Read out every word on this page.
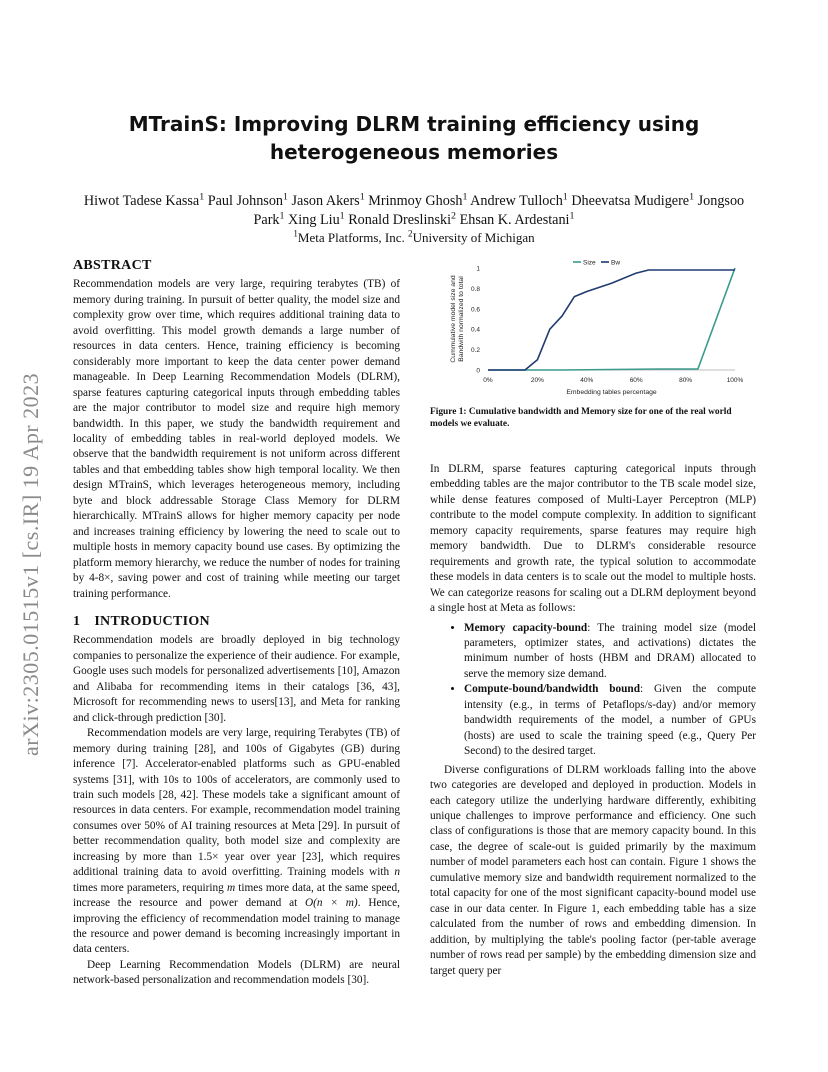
arXiv:2305.01515v1 [cs.IR] 19 Apr 2023
MTrainS: Improving DLRM training efficiency using
heterogeneous memories
Hiwot Tadese Kassa$^1$ Paul Johnson$^1$ Jason Akers$^1$ Mrinmoy Ghosh$^1$ Andrew Tulloch$^1$ Dheevatsa Mudigere$^1$ Jongsoo Park$^1$ Xing Liu$^1$ Ronald Dreslinski$^2$ Ehsan K. Ardestani$^1$
$^1$Meta Platforms, Inc. $^2$University of Michigan
ABSTRACT

Recommendation models are very large, requiring terabytes (TB) of memory during training. In pursuit of better quality, the model size and complexity grow over time, which requires additional training data to avoid overfitting. This model growth demands a large number of resources in data centers. Hence, training efficiency is becoming considerably more important to keep the data center power demand manageable. In Deep Learning Recommendation Models (DLRM), sparse features capturing categorical inputs through embedding tables are the major contributor to model size and require high memory bandwidth. In this paper, we study the bandwidth requirement and locality of embedding tables in real-world deployed models. We observe that the bandwidth requirement is not uniform across different tables and that embedding tables show high temporal locality. We then design MTrainS, which leverages heterogeneous memory, including byte and block addressable Storage Class Memory for DLRM hierarchically. MTrainS allows for higher memory capacity per node and increases training efficiency by lowering the need to scale out to multiple hosts in memory capacity bound use cases. By optimizing the platform memory hierarchy, we reduce the number of nodes for training by 4-8×, saving power and cost of training while meeting our target training performance.

1 INTRODUCTION

Recommendation models are broadly deployed in big technology companies to personalize the experience of their audience. For example, Google uses such models for personalized advertisements [10], Amazon and Alibaba for recommending items in their catalogs [36, 43], Microsoft for recommending news to users[13], and Meta for ranking and click-through prediction [30].

Recommendation models are very large, requiring Terabytes (TB) of memory during training [28], and 100s of Gigabytes (GB) during inference [7]. Accelerator-enabled platforms such as GPU-enabled systems [31], with 10s to 100s of accelerators, are commonly used to train such models [28, 42]. These models take a significant amount of resources in data centers. For example, recommendation model training consumes over 50% of AI training resources at Meta [29]. In pursuit of better recommendation quality, both model size and complexity are increasing by more than 1.5× year over year [23], which requires additional training data to avoid overfitting. Training models with n times more parameters, requiring m times more data, at the same speed, increase the resource and power demand at O(n × m). Hence, improving the efficiency of recommendation model training to manage the resource and power demand is becoming increasingly important in data centers.

Deep Learning Recommendation Models (DLRM) are neural network-based personalization and recommendation models [30].

0
0.2
0.4
0.6
0.8
1
0%	20%	40%	60%	80%	100%
Embedding tables percentage
Cummulative model size and Bandwith normalized to total
Size Bw
Figure 1: Cumulative bandwidth and Memory size for one of the real world models we evaluate.

In DLRM, sparse features capturing categorical inputs through embedding tables are the major contributor to the TB scale model size, while dense features composed of Multi-Layer Perceptron (MLP) contribute to the model compute complexity. In addition to significant memory capacity requirements, sparse features may require high memory bandwidth. Due to DLRM's considerable resource requirements and growth rate, the typical solution to accommodate these models in data centers is to scale out the model to multiple hosts. We can categorize reasons for scaling out a DLRM deployment beyond a single host at Meta as follows:

• Memory capacity-bound: The training model size (model parameters, optimizer states, and activations) dictates the minimum number of hosts (HBM and DRAM) allocated to serve the memory size demand.
• Compute-bound/bandwidth bound: Given the compute intensity (e.g., in terms of Petaflops/s-day) and/or memory bandwidth requirements of the model, a number of GPUs (hosts) are used to scale the training speed (e.g., Query Per Second) to the desired target.

Diverse configurations of DLRM workloads falling into the above two categories are developed and deployed in production. Models in each category utilize the underlying hardware differently, exhibiting unique challenges to improve performance and efficiency. One such class of configurations is those that are memory capacity bound. In this case, the degree of scale-out is guided primarily by the maximum number of model parameters each host can contain. Figure 1 shows the cumulative memory size and bandwidth requirement normalized to the total capacity for one of the most significant capacity-bound model use case in our data center. In Figure 1, each embedding table has a size calculated from the number of rows and embedding dimension. In addition, by multiplying the table's pooling factor (per-table average number of rows read per sample) by the embedding dimension size and target query per
